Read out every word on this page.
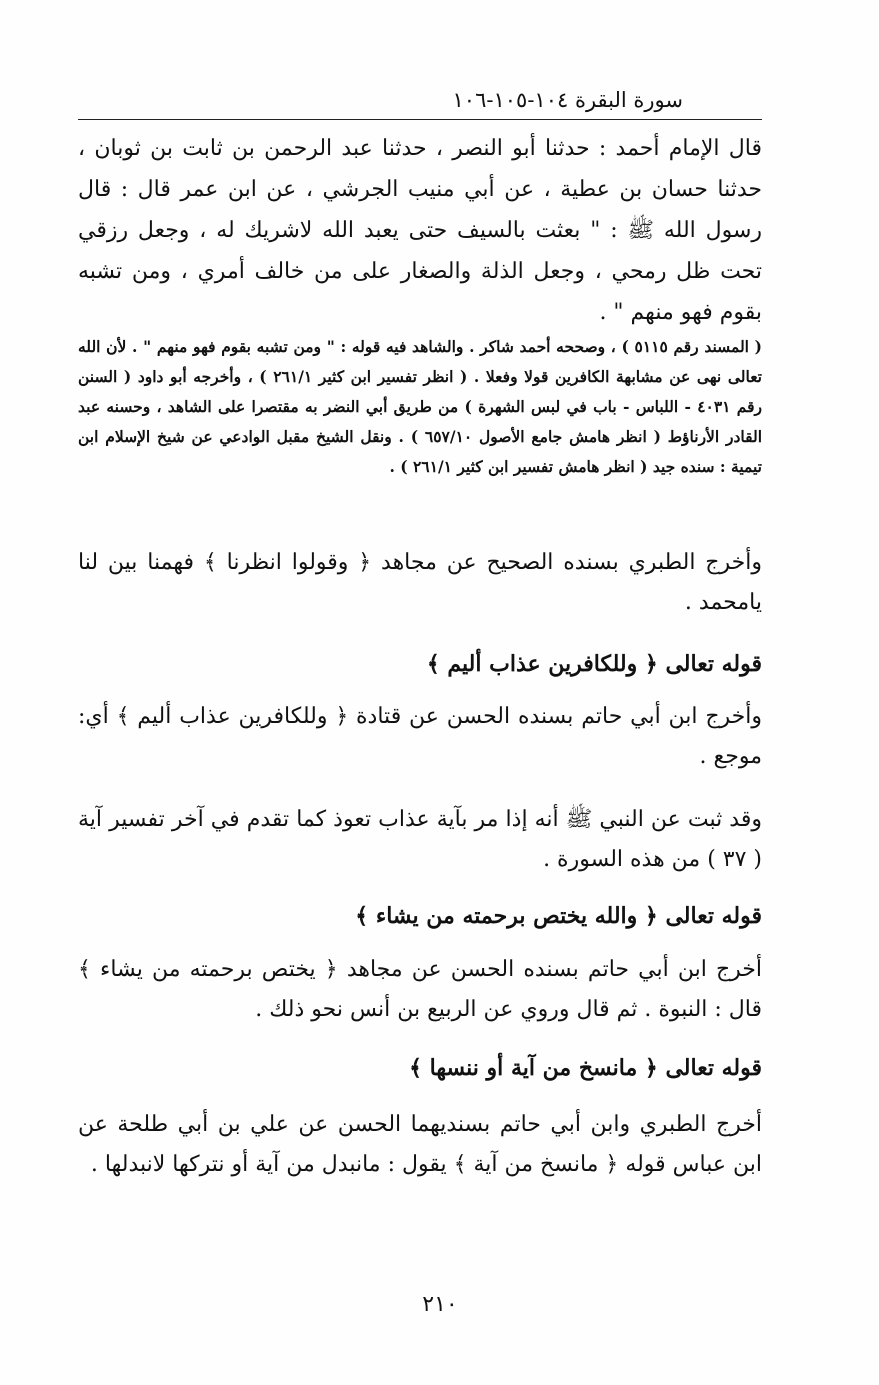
سورة البقرة ١٠٤-١٠٥-١٠٦

قال الإمام أحمد : حدثنا أبو النصر ، حدثنا عبد الرحمن بن ثابت بن ثوبان ، حدثنا حسان بن عطية ، عن أبي منيب الجرشي ، عن ابن عمر قال : قال رسول الله ﷺ : " بعثت بالسيف حتى يعبد الله لاشريك له ، وجعل رزقي تحت ظل رمحي ، وجعل الذلة والصغار على من خالف أمري ، ومن تشبه بقوم فهو منهم " .

( المسند رقم ٥١١٥ ) ، وصححه أحمد شاكر . والشاهد فيه قوله : " ومن تشبه بقوم فهو منهم " . لأن الله تعالى نهى عن مشابهة الكافرين قولا وفعلا . ( انظر تفسير ابن كثير ٢٦١/١ ) ، وأخرجه أبو داود ( السنن رقم ٤٠٣١ - اللباس - باب في لبس الشهرة ) من طريق أبي النضر به مقتصرا على الشاهد ، وحسنه عبد القادر الأرناؤط ( انظر هامش جامع الأصول ٦٥٧/١٠ ) . ونقل الشيخ مقبل الوادعي عن شيخ الإسلام ابن تيمية : سنده جيد ( انظر هامش تفسير ابن كثير ٢٦١/١ ) .

وأخرج الطبري بسنده الصحيح عن مجاهد ﴿ وقولوا انظرنا ﴾ فهمنا بين لنا يامحمد .

قوله تعالى ﴿ وللكافرين عذاب أليم ﴾

وأخرج ابن أبي حاتم بسنده الحسن عن قتادة ﴿ وللكافرين عذاب أليم ﴾ أي: موجع .

وقد ثبت عن النبي ﷺ أنه إذا مر بآية عذاب تعوذ كما تقدم في آخر تفسير آية ( ٣٧ ) من هذه السورة .

قوله تعالى ﴿ والله يختص برحمته من يشاء ﴾

أخرج ابن أبي حاتم بسنده الحسن عن مجاهد ﴿ يختص برحمته من يشاء ﴾ قال : النبوة . ثم قال وروي عن الربيع بن أنس نحو ذلك .

قوله تعالى ﴿ مانسخ من آية أو ننسها ﴾

أخرج الطبري وابن أبي حاتم بسنديهما الحسن عن علي بن أبي طلحة عن ابن عباس قوله ﴿ مانسخ من آية ﴾ يقول : مانبدل من آية أو نتركها لانبدلها .

٢١٠
